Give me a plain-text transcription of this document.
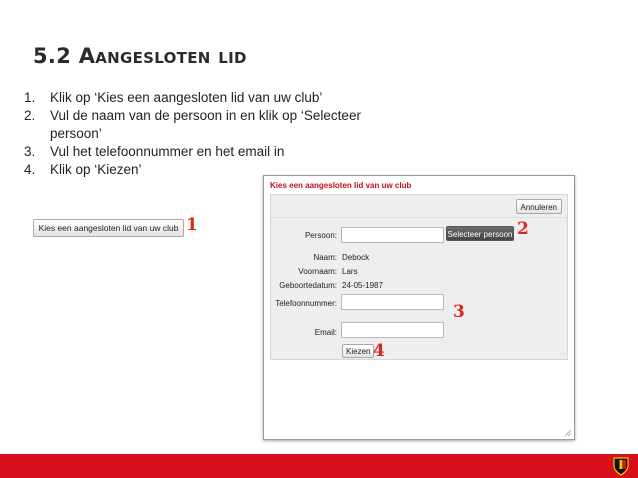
5.2 Aangesloten lid
1. Klik op ‘Kies een aangesloten lid van uw club’
2. Vul de naam van de persoon in en klik op ‘Selecteer persoon’
3. Vul het telefoonnummer en het email in
4. Klik op ‘Kiezen’
Kies een aangesloten lid van uw club 1
Kies een aangesloten lid van uw club
Annuleren
Persoon:	Selecteer persoon
Naam: Debock
Voornaam: Lars
Geboortedatum: 24-05-1987
Telefoonnummer:
Email:
Kiezen
2
3
4
